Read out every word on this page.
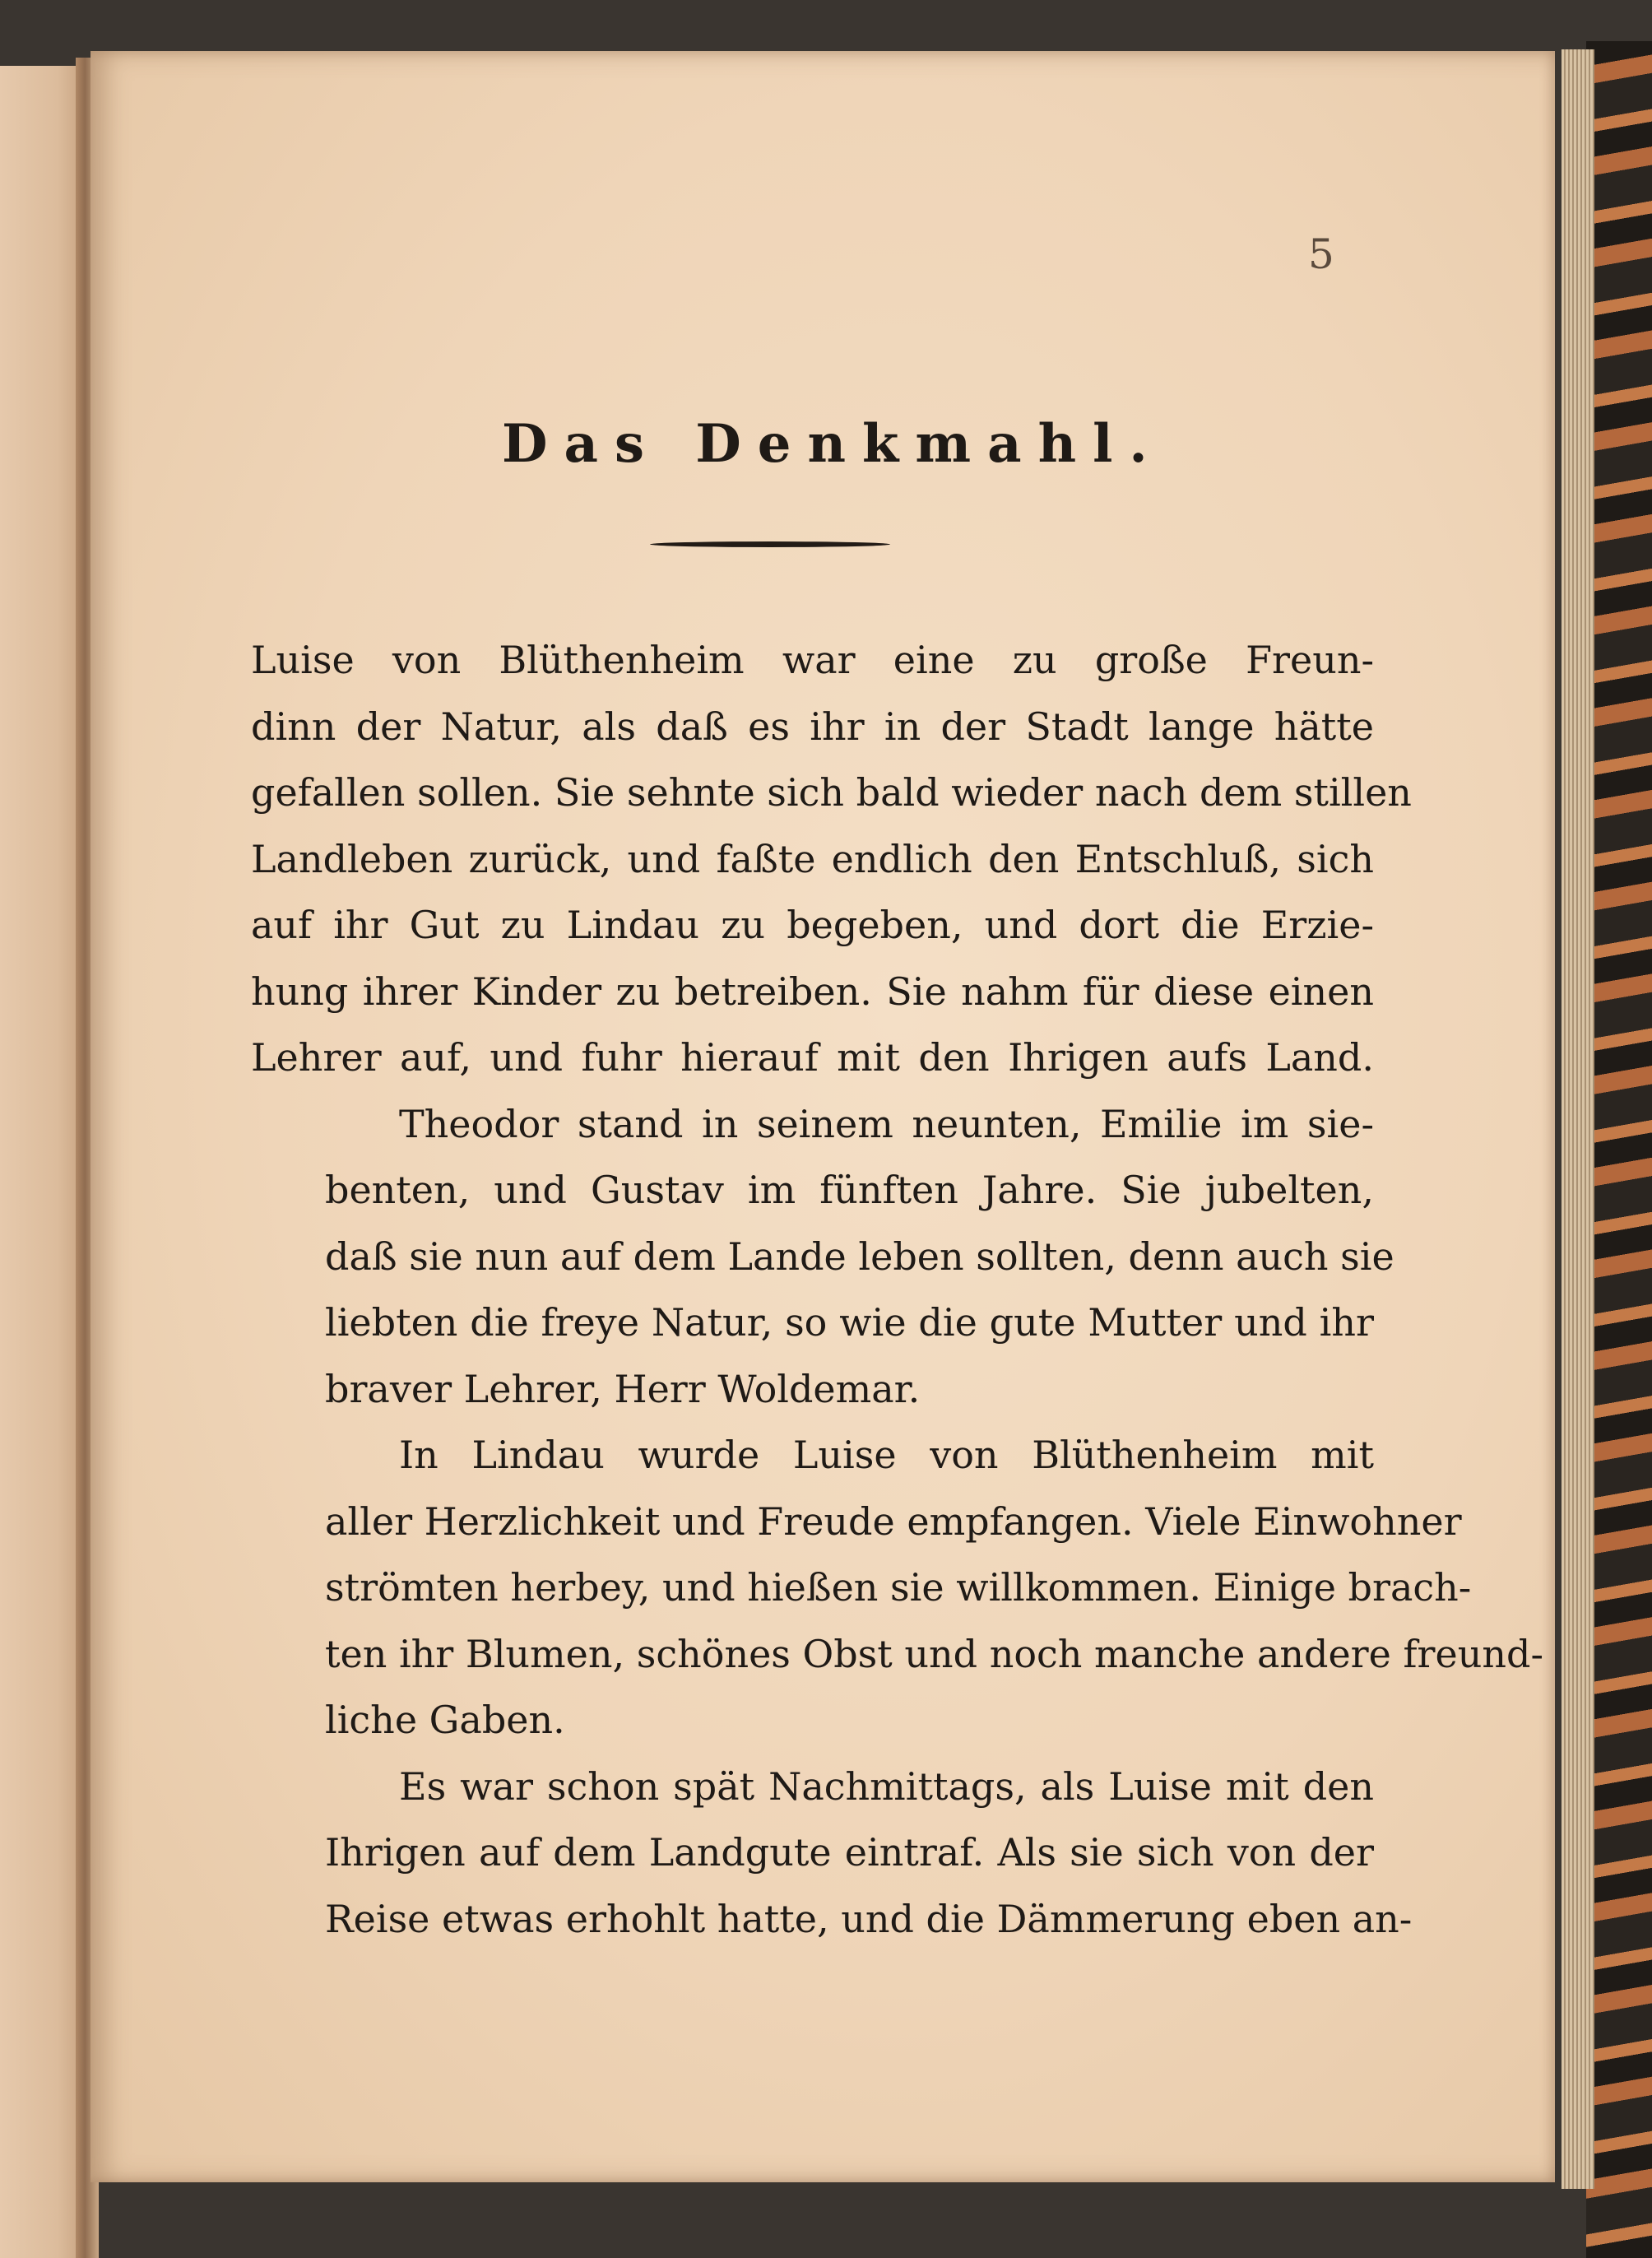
5
Das Denkmahl.
Luise von Blüthenheim war eine zu große Freun-
dinn der Natur, als daß es ihr in der Stadt lange hätte
gefallen sollen. Sie sehnte sich bald wieder nach dem stillen
Landleben zurück, und faßte endlich den Entschluß, sich
auf ihr Gut zu Lindau zu begeben, und dort die Erzie-
hung ihrer Kinder zu betreiben. Sie nahm für diese einen
Lehrer auf, und fuhr hierauf mit den Ihrigen aufs Land.
Theodor stand in seinem neunten, Emilie im sie-
benten, und Gustav im fünften Jahre. Sie jubelten,
daß sie nun auf dem Lande leben sollten, denn auch sie
liebten die freye Natur, so wie die gute Mutter und ihr
braver Lehrer, Herr Woldemar.
In Lindau wurde Luise von Blüthenheim mit
aller Herzlichkeit und Freude empfangen. Viele Einwohner
strömten herbey, und hießen sie willkommen. Einige brach-
ten ihr Blumen, schönes Obst und noch manche andere freund-
liche Gaben.
Es war schon spät Nachmittags, als Luise mit den
Ihrigen auf dem Landgute eintraf. Als sie sich von der
Reise etwas erhohlt hatte, und die Dämmerung eben an-
